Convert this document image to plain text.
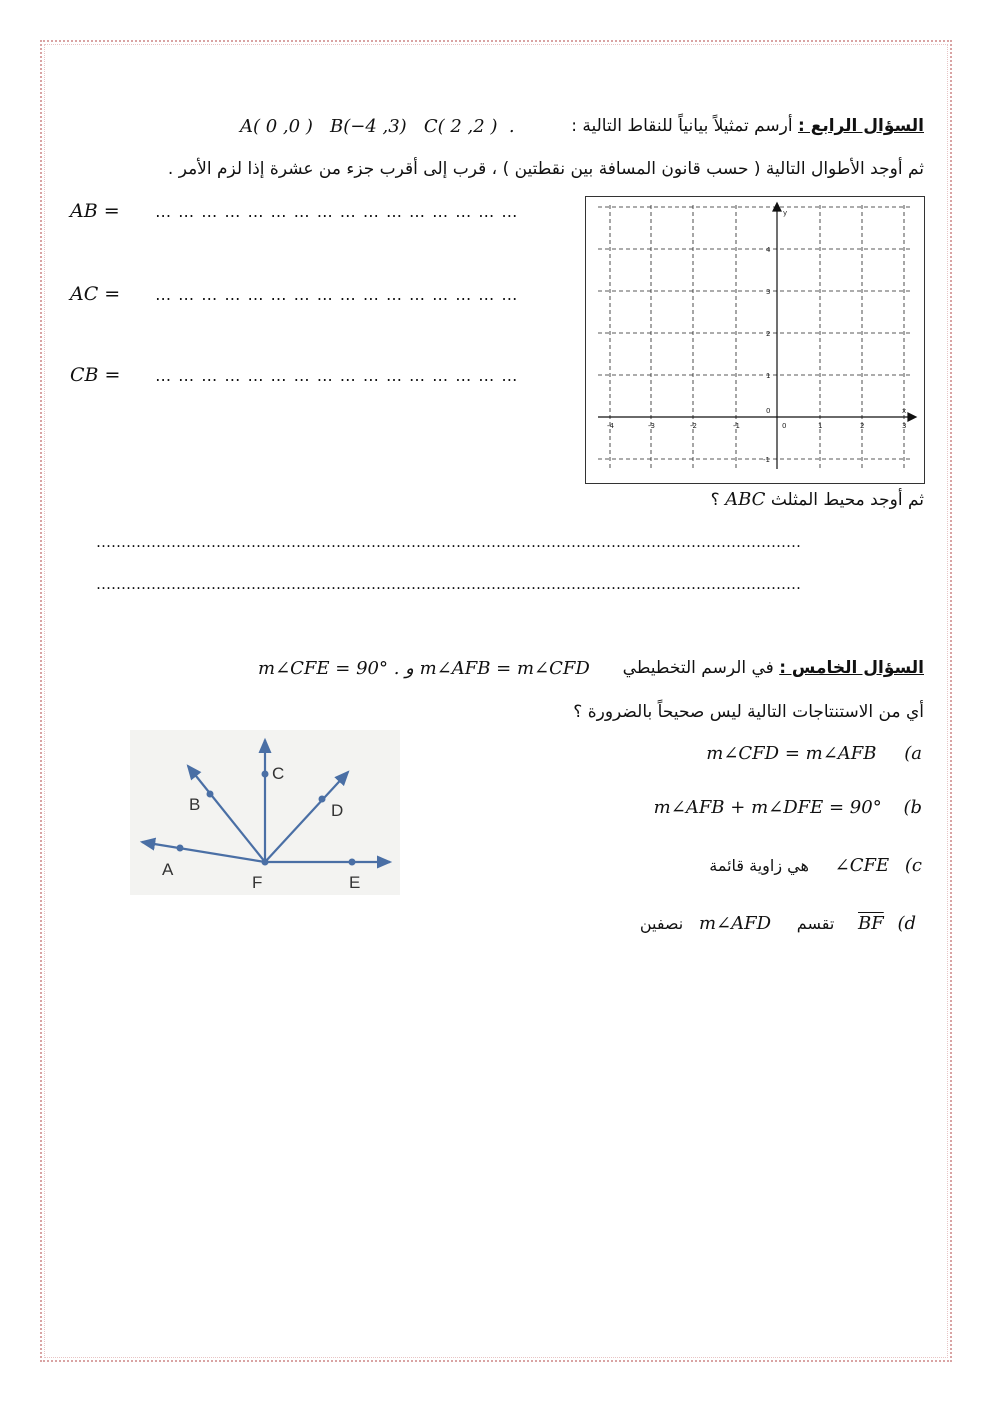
السؤال الرابع : أرسم تمثيلاً بيانياً للنقاط التالية :
A( 0 ,0 )   B(−4 ,3)   C( 2 ,2 )  .
ثم أوجد الأطوال التالية ( حسب قانون المسافة بين نقطتين ) ، قرب إلى أقرب جزء من عشرة إذا لزم الأمر .
AB = … … … … … … … … … … … … … … … …
AC = … … … … … … … … … … … … … … … …
CB = … … … … … … … … … … … … … … … …
-4	-3	-2	-1	0	1	2	3
4
3
2
1
0
-1
y
x
ثم أوجد محيط المثلث ABC ؟
……………………………………………………………………………………………………………………………
……………………………………………………………………………………………………………………………
السؤال الخامس : في الرسم التخطيطي
m∠CFE = 90° . و m∠AFB = m∠CFD
أي من الاستنتاجات التالية ليس صحيحاً بالضرورة ؟
m∠CFD = m∠AFB (a
m∠AFB + m∠DFE = 90° (b
هي زاوية قائمة ∠CFE (c
نصفين m∠AFD تقسم $\overline{BF}$ (d
A
B
C
D
E
F
